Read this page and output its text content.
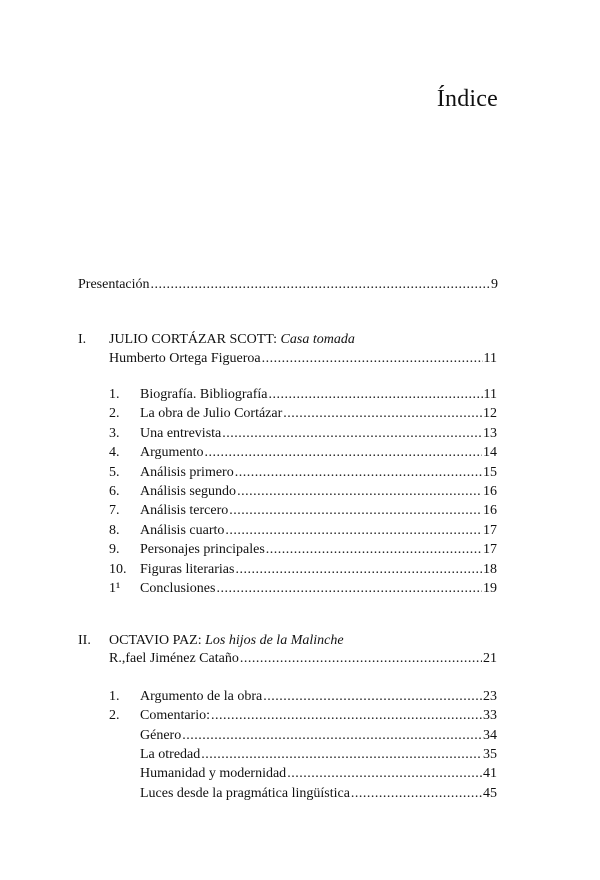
Índice
Presentación .....	9
I. JULIO CORTÁZAR SCOTT: Casa tomada
Humberto Ortega Figueroa .....	11
1. Biografía. Bibliografía .....	11
2. La obra de Julio Cortázar .....	12
3. Una entrevista .....	13
4. Argumento .....	14
5. Análisis primero .....	15
6. Análisis segundo .....	16
7. Análisis tercero .....	16
8. Análisis cuarto .....	17
9. Personajes principales .....	17
10. Figuras literarias .....	18
1¹ Conclusiones .....	19
II. OCTAVIO PAZ: Los hijos de la Malinche
R.,fael Jiménez Cataño .....	21
1. Argumento de la obra .....	23
2. Comentario: .....	33
Género .....	34
La otredad .....	35
Humanidad y modernidad .....	41
Luces desde la pragmática lingüística .....	45
